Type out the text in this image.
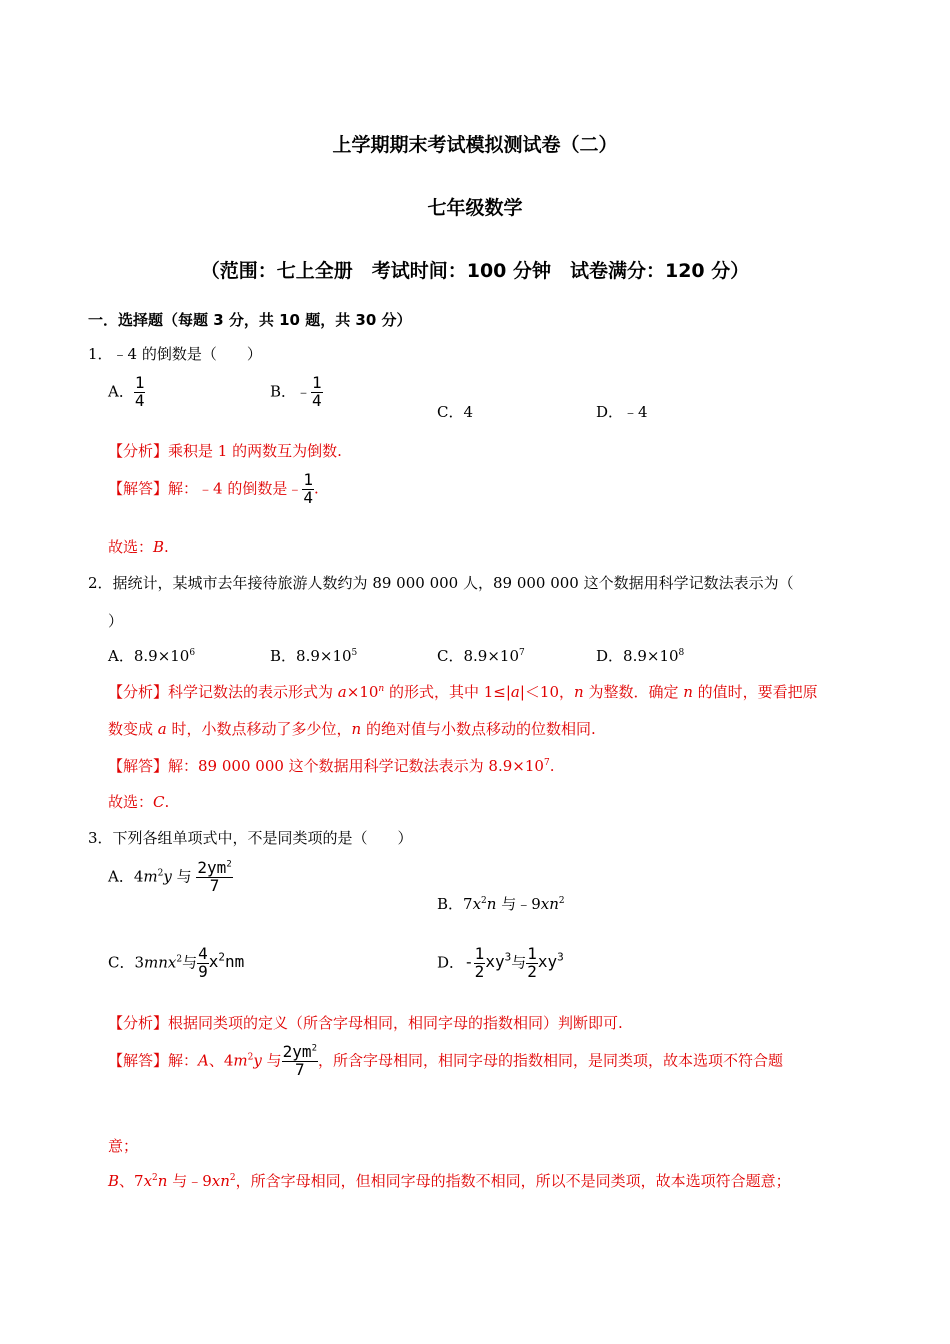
上学期期末考试模拟测试卷（二）
七年级数学
（范围：七上全册　考试时间：100 分钟　试卷满分：120 分）
一．选择题（每题 3 分，共 10 题，共 30 分）
1．﹣4 的倒数是（　　）
A． $\frac{1}{4}$	B．﹣ $\frac{1}{4}$
C．4	D．﹣4
【分析】乘积是 1 的两数互为倒数.
【解答】解：﹣4 的倒数是﹣ $\frac{1}{4}$ .
故选：B.
2．据统计，某城市去年接待旅游人数约为 89 000 000 人，89 000 000 这个数据用科学记数法表示为（
）
A．$8.9\times 10^6$	B．$8.9\times 10^5$	C．$8.9\times 10^7$	D．$8.9\times 10^8$
【分析】科学记数法的表示形式为 $a\times 10^n$ 的形式，其中 1≤|a|＜10，n 为整数．确定 n 的值时，要看把原
数变成 a 时，小数点移动了多少位，n 的绝对值与小数点移动的位数相同.
【解答】解：89 000 000 这个数据用科学记数法表示为 $8.9\times 10^7$.
故选：C.
3．下列各组单项式中，不是同类项的是（　　）
A．$4m^2y$ 与 $\frac{2ym^2}{7}$
B．$7x^2n$ 与$﹣9xn^2$
C．3mnx$^2$与 $\frac{4}{9} x^2nm$	D．- $\frac{1}{2} xy^3$与 $\frac{1}{2} xy^3$
【分析】根据同类项的定义（所含字母相同，相同字母的指数相同）判断即可.
【解答】解：A、$4m^2y$ 与 $\frac{2ym^2}{7}$ ，所含字母相同，相同字母的指数相同，是同类项，故本选项不符合题
意；
B、$7x^2n$ 与$﹣9xn^2$，所含字母相同，但相同字母的指数不相同，所以不是同类项，故本选项符合题意；
